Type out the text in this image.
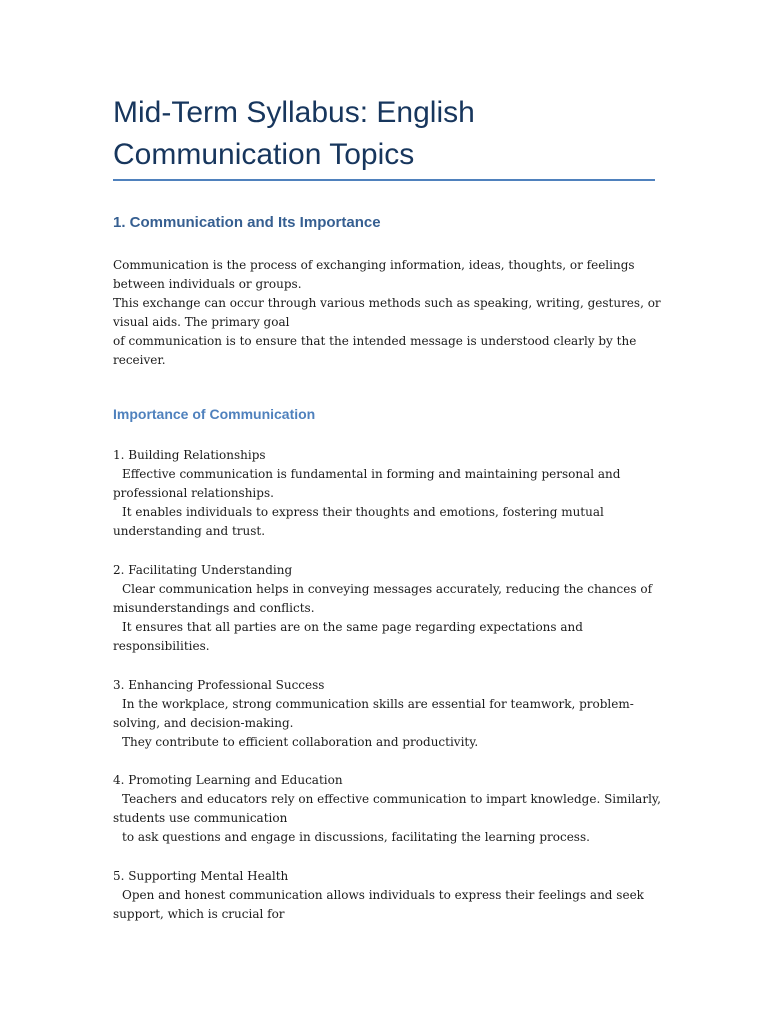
Mid-Term Syllabus: English
Communication Topics
1. Communication and Its Importance
Communication is the process of exchanging information, ideas, thoughts, or feelings
between individuals or groups.
This exchange can occur through various methods such as speaking, writing, gestures, or
visual aids. The primary goal
of communication is to ensure that the intended message is understood clearly by the
receiver.
Importance of Communication
1. Building Relationships
Effective communication is fundamental in forming and maintaining personal and
professional relationships.
It enables individuals to express their thoughts and emotions, fostering mutual
understanding and trust.
2. Facilitating Understanding
Clear communication helps in conveying messages accurately, reducing the chances of
misunderstandings and conflicts.
It ensures that all parties are on the same page regarding expectations and
responsibilities.
3. Enhancing Professional Success
In the workplace, strong communication skills are essential for teamwork, problem-
solving, and decision-making.
They contribute to efficient collaboration and productivity.
4. Promoting Learning and Education
Teachers and educators rely on effective communication to impart knowledge. Similarly,
students use communication
to ask questions and engage in discussions, facilitating the learning process.
5. Supporting Mental Health
Open and honest communication allows individuals to express their feelings and seek
support, which is crucial for
